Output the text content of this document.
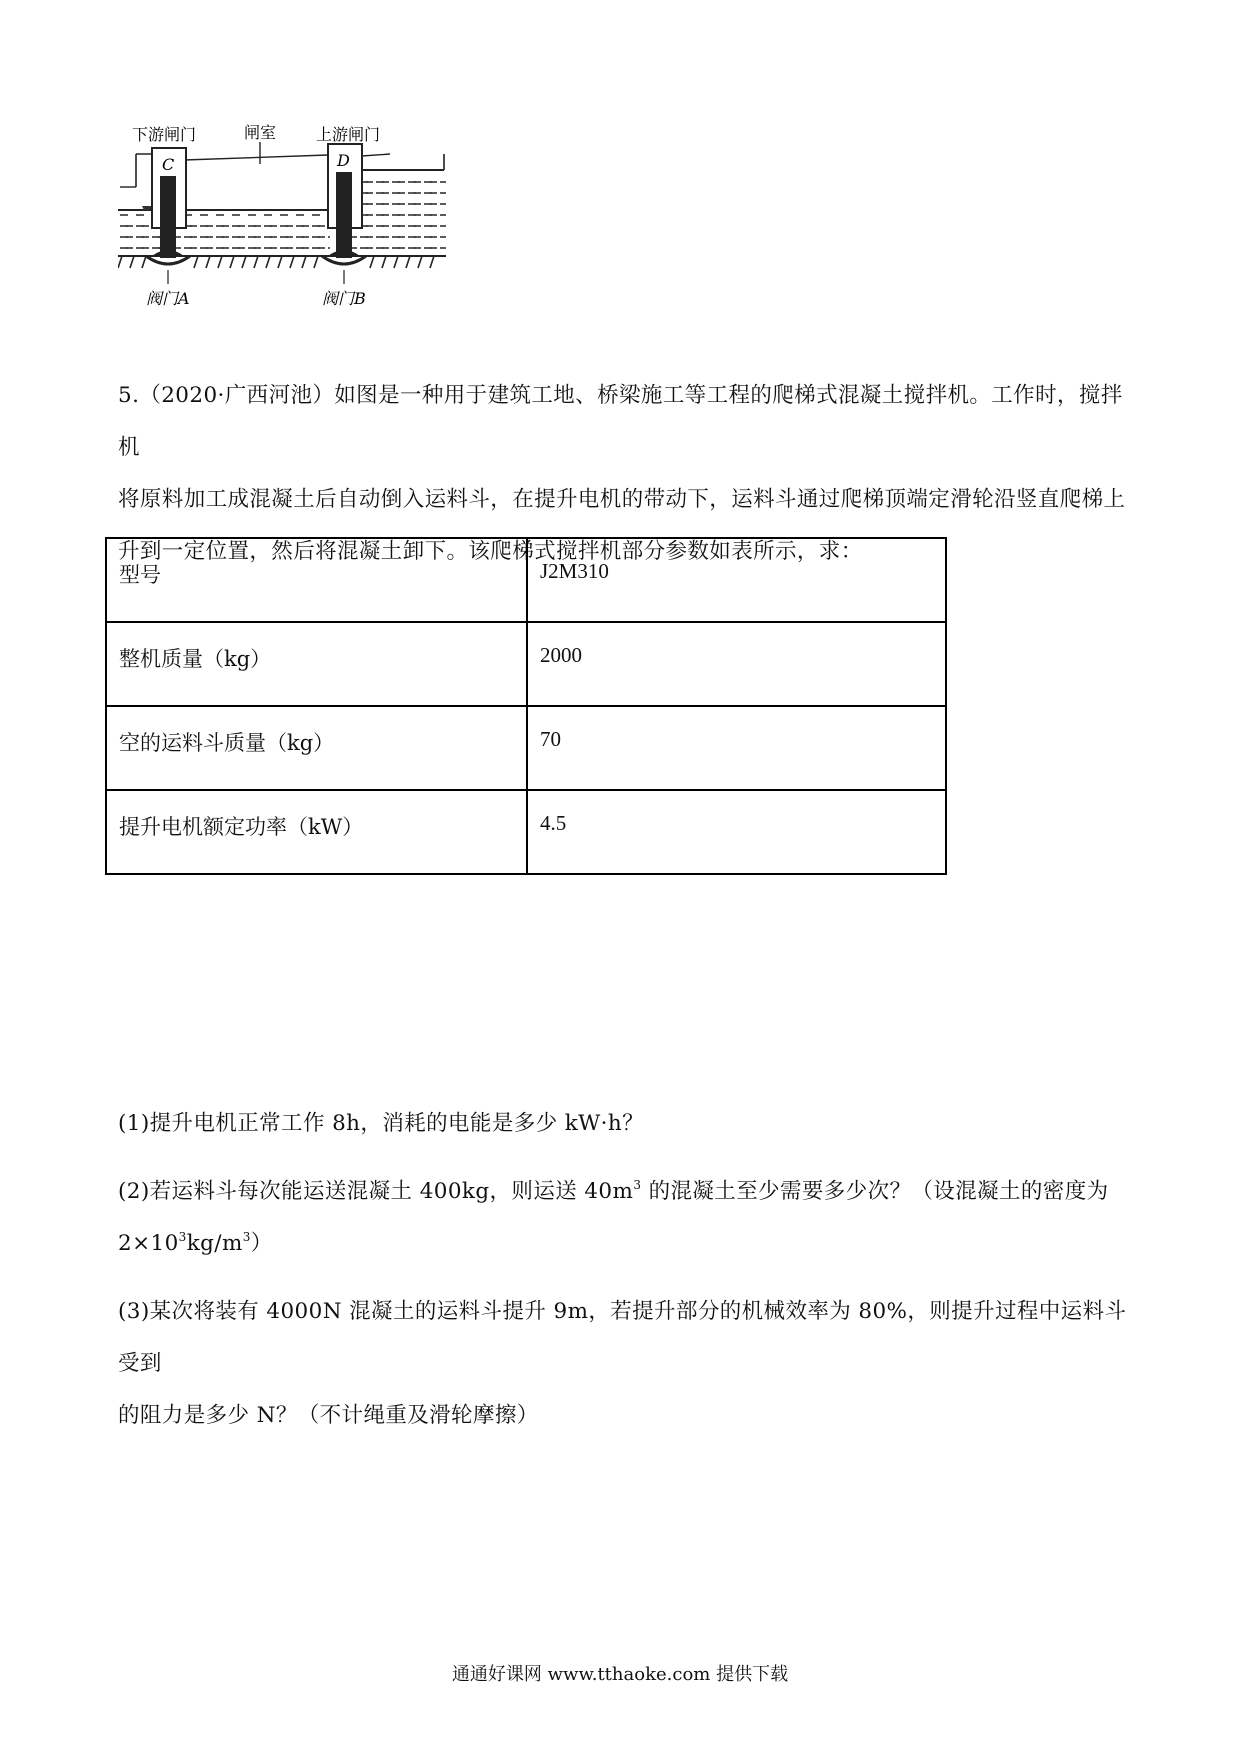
下游闸门	闸室 上游闸门
C	D
阀门A	阀门B

5.（2020·广西河池）如图是一种用于建筑工地、桥梁施工等工程的爬梯式混凝土搅拌机。工作时，搅拌机

将原料加工成混凝土后自动倒入运料斗，在提升电机的带动下，运料斗通过爬梯顶端定滑轮沿竖直爬梯上

升到一定位置，然后将混凝土卸下。该爬梯式搅拌机部分参数如表所示，求：

型号	J2M310
整机质量（kg）	2000
空的运料斗质量（kg）	70
提升电机额定功率（kW）	4.5

(1)提升电机正常工作 8h，消耗的电能是多少 kW·h？

(2)若运料斗每次能运送混凝土 400kg，则运送 $40m^3$ 的混凝土至少需要多少次？（设混凝土的密度为

$2\times 10^3kg/m^3$）

(3)某次将装有 4000N 混凝土的运料斗提升 9m，若提升部分的机械效率为 80%，则提升过程中运料斗受到

的阻力是多少 N？（不计绳重及滑轮摩擦）

通通好课网 www.tthaoke.com 提供下载
